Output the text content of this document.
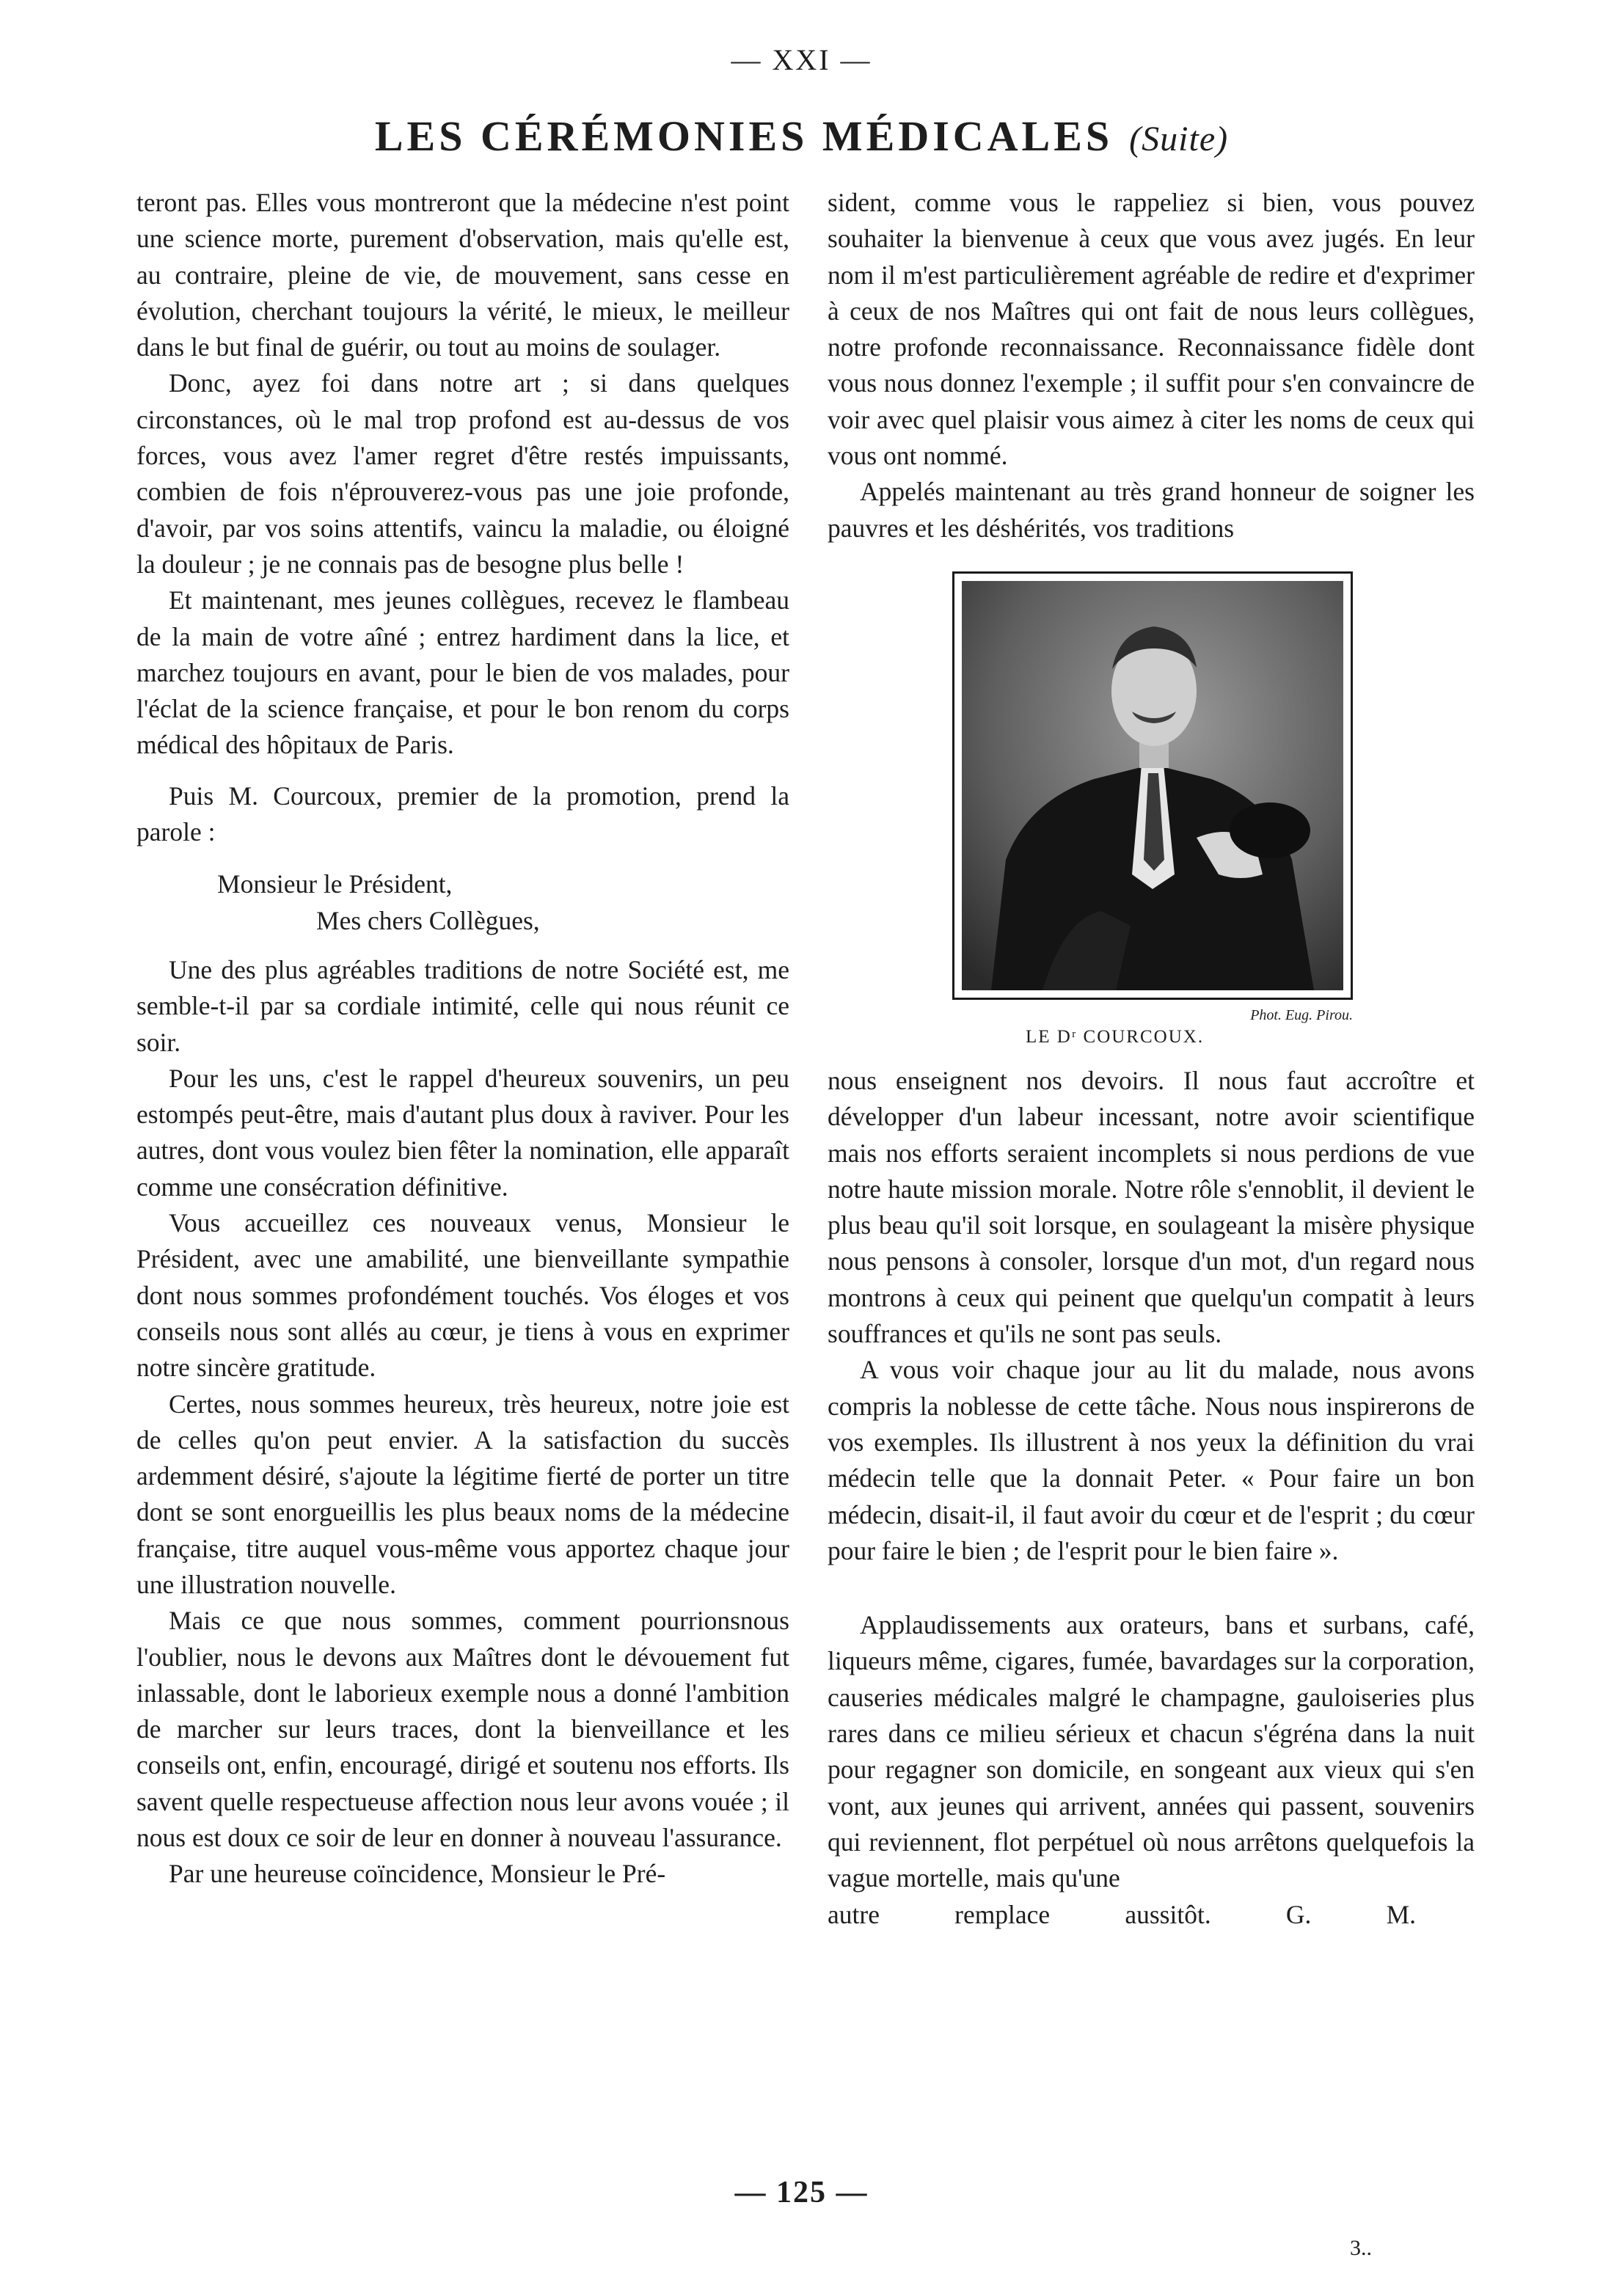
— XXI —
LES CÉRÉMONIES MÉDICALES (Suite)

teront pas. Elles vous montreront que la médecine n'est point une science morte, purement d'observation, mais qu'elle est, au contraire, pleine de vie, de mouvement, sans cesse en évolution, cherchant toujours la vérité, le mieux, le meilleur dans le but final de guérir, ou tout au moins de soulager.

Donc, ayez foi dans notre art ; si dans quelques circonstances, où le mal trop profond est au-dessus de vos forces, vous avez l'amer regret d'être restés impuissants, combien de fois n'éprouverez-vous pas une joie profonde, d'avoir, par vos soins attentifs, vaincu la maladie, ou éloigné la douleur ; je ne connais pas de besogne plus belle !

Et maintenant, mes jeunes collègues, recevez le flambeau de la main de votre aîné ; entrez hardiment dans la lice, et marchez toujours en avant, pour le bien de vos malades, pour l'éclat de la science française, et pour le bon renom du corps médical des hôpitaux de Paris.

Puis M. Courcoux, premier de la promotion, prend la parole :

Monsieur le Président,

Mes chers Collègues,

Une des plus agréables traditions de notre Société est, me semble-t-il par sa cordiale intimité, celle qui nous réunit ce soir.

Pour les uns, c'est le rappel d'heureux souvenirs, un peu estompés peut-être, mais d'autant plus doux à raviver. Pour les autres, dont vous voulez bien fêter la nomination, elle apparaît comme une consécration définitive.

Vous accueillez ces nouveaux venus, Monsieur le Président, avec une amabilité, une bienveillante sympathie dont nous sommes profondément touchés. Vos éloges et vos conseils nous sont allés au cœur, je tiens à vous en exprimer notre sincère gratitude.

Certes, nous sommes heureux, très heureux, notre joie est de celles qu'on peut envier. A la satisfaction du succès ardemment désiré, s'ajoute la légitime fierté de porter un titre dont se sont enorgueillis les plus beaux noms de la médecine française, titre auquel vous-même vous apportez chaque jour une illustration nouvelle.

Mais ce que nous sommes, comment pourrionsnous l'oublier, nous le devons aux Maîtres dont le dévouement fut inlassable, dont le laborieux exemple nous a donné l'ambition de marcher sur leurs traces, dont la bienveillance et les conseils ont, enfin, encouragé, dirigé et soutenu nos efforts. Ils savent quelle respectueuse affection nous leur avons vouée ; il nous est doux ce soir de leur en donner à nouveau l'assurance.

Par une heureuse coïncidence, Monsieur le Pré-

sident, comme vous le rappeliez si bien, vous pouvez souhaiter la bienvenue à ceux que vous avez jugés. En leur nom il m'est particulièrement agréable de redire et d'exprimer à ceux de nos Maîtres qui ont fait de nous leurs collègues, notre profonde reconnaissance. Reconnaissance fidèle dont vous nous donnez l'exemple ; il suffit pour s'en convaincre de voir avec quel plaisir vous aimez à citer les noms de ceux qui vous ont nommé.

Appelés maintenant au très grand honneur de soigner les pauvres et les déshérités, vos traditions

Phot. Eug. Pirou.
LE Dʳ COURCOUX.

nous enseignent nos devoirs. Il nous faut accroître et développer d'un labeur incessant, notre avoir scientifique mais nos efforts seraient incomplets si nous perdions de vue notre haute mission morale. Notre rôle s'ennoblit, il devient le plus beau qu'il soit lorsque, en soulageant la misère physique nous pensons à consoler, lorsque d'un mot, d'un regard nous montrons à ceux qui peinent que quelqu'un compatit à leurs souffrances et qu'ils ne sont pas seuls.

A vous voir chaque jour au lit du malade, nous avons compris la noblesse de cette tâche. Nous nous inspirerons de vos exemples. Ils illustrent à nos yeux la définition du vrai médecin telle que la donnait Peter. « Pour faire un bon médecin, disait-il, il faut avoir du cœur et de l'esprit ; du cœur pour faire le bien ; de l'esprit pour le bien faire ».

Applaudissements aux orateurs, bans et surbans, café, liqueurs même, cigares, fumée, bavardages sur la corporation, causeries médicales malgré le champagne, gauloiseries plus rares dans ce milieu sérieux et chacun s'égréna dans la nuit pour regagner son domicile, en songeant aux vieux qui s'en vont, aux jeunes qui arrivent, années qui passent, souvenirs qui reviennent, flot perpétuel où nous arrêtons quelquefois la vague mortelle, mais qu'une

autre remplace aussitôt.	G. M.

— 125 —
3..
